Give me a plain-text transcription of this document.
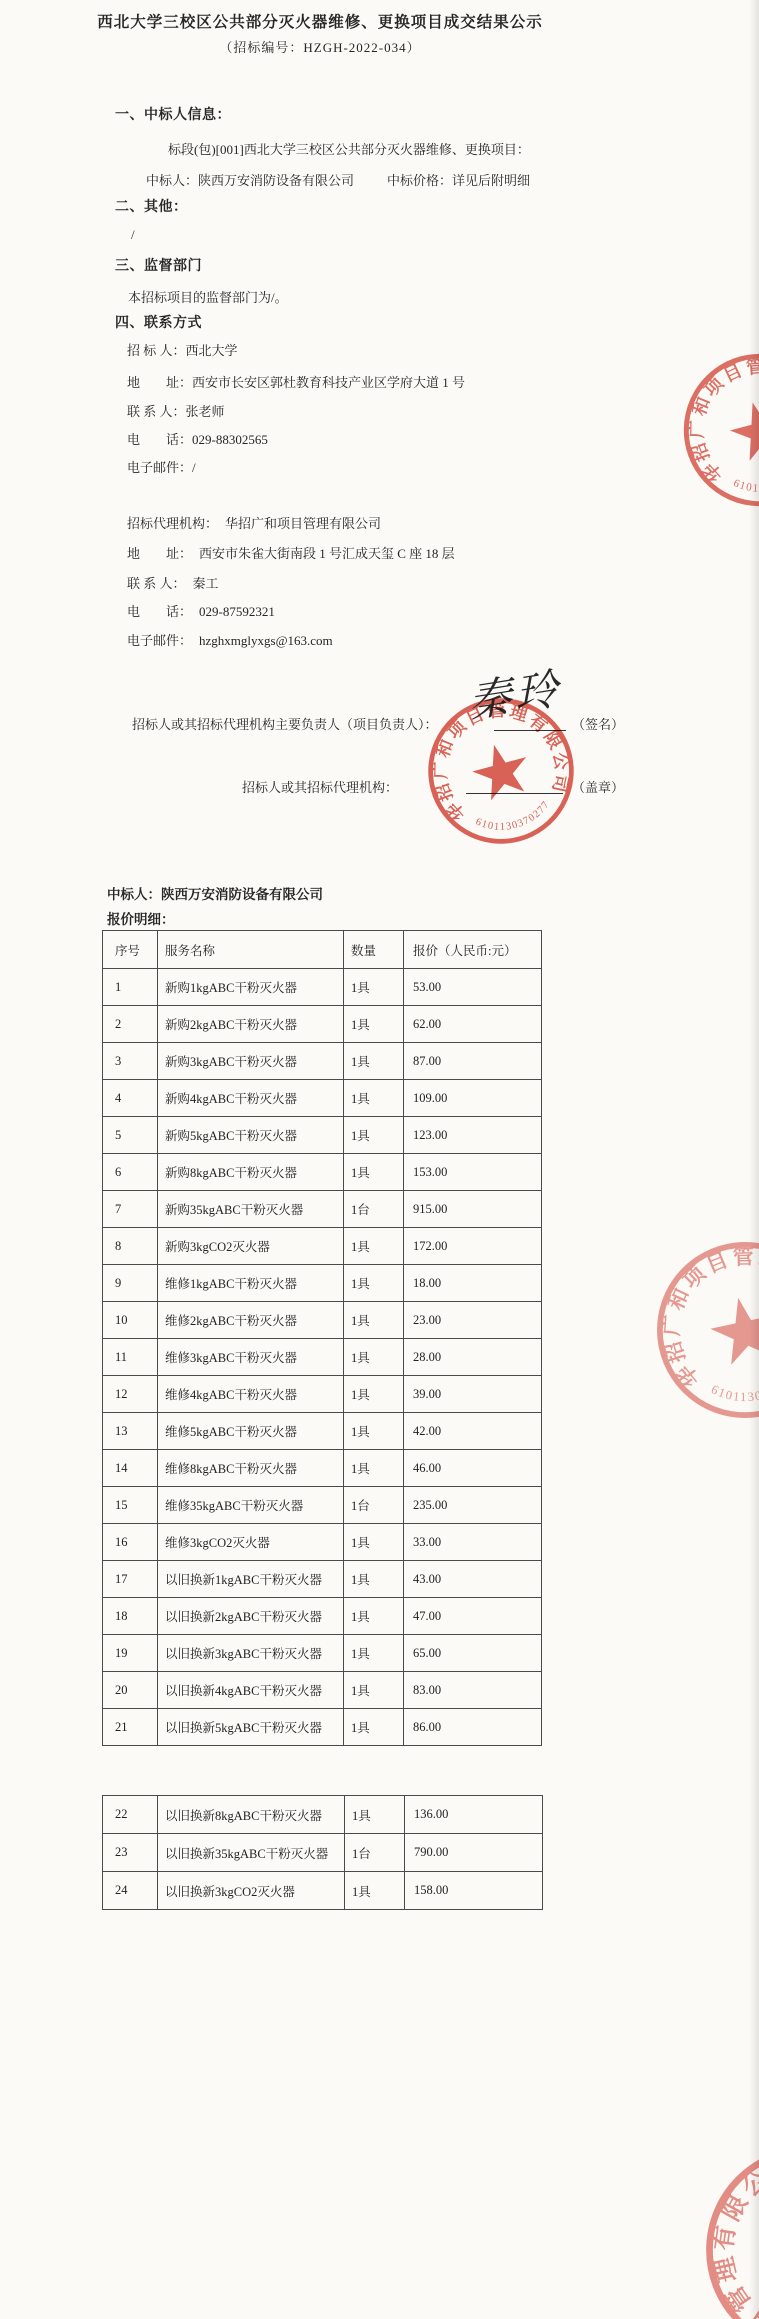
西北大学三校区公共部分灭火器维修、更换项目成交结果公示
（招标编号：HZGH-2022-034）
一、中标人信息：
标段(包)[001]西北大学三校区公共部分灭火器维修、更换项目：
中标人：陕西万安消防设备有限公司	中标价格：详见后附明细
二、其他：
/
三、监督部门
本招标项目的监督部门为/。
四、联系方式
招 标 人：西北大学
地　　址：西安市长安区郭杜教育科技产业区学府大道 1 号
联 系 人：张老师
电　　话：029-88302565
电子邮件：/
招标代理机构： 华招广和项目管理有限公司
地　　址： 西安市朱雀大街南段 1 号汇成天玺 C 座 18 层
联 系 人： 秦工
电　　话： 029-87592321
电子邮件： hzghxmglyxgs@163.com
招标人或其招标代理机构主要负责人（项目负责人）：	（签名）
招标人或其招标代理机构：	（盖章）
秦玲
中标人：陕西万安消防设备有限公司
报价明细：
序号	服务名称	数量	报价（人民币:元）
1	新购1kgABC干粉灭火器	1具	53.00
2	新购2kgABC干粉灭火器	1具	62.00
3	新购3kgABC干粉灭火器	1具	87.00
4	新购4kgABC干粉灭火器	1具	109.00
5	新购5kgABC干粉灭火器	1具	123.00
6	新购8kgABC干粉灭火器	1具	153.00
7	新购35kgABC干粉灭火器	1台	915.00
8	新购3kgCO2灭火器	1具	172.00
9	维修1kgABC干粉灭火器	1具	18.00
10	维修2kgABC干粉灭火器	1具	23.00
11	维修3kgABC干粉灭火器	1具	28.00
12	维修4kgABC干粉灭火器	1具	39.00
13	维修5kgABC干粉灭火器	1具	42.00
14	维修8kgABC干粉灭火器	1具	46.00
15	维修35kgABC干粉灭火器	1台	235.00
16	维修3kgCO2灭火器	1具	33.00
17	以旧换新1kgABC干粉灭火器	1具	43.00
18	以旧换新2kgABC干粉灭火器	1具	47.00
19	以旧换新3kgABC干粉灭火器	1具	65.00
20	以旧换新4kgABC干粉灭火器	1具	83.00
21	以旧换新5kgABC干粉灭火器	1具	86.00
22	以旧换新8kgABC干粉灭火器	1具	136.00
23	以旧换新35kgABC干粉灭火器	1台	790.00
24	以旧换新3kgCO2灭火器	1具	158.00
